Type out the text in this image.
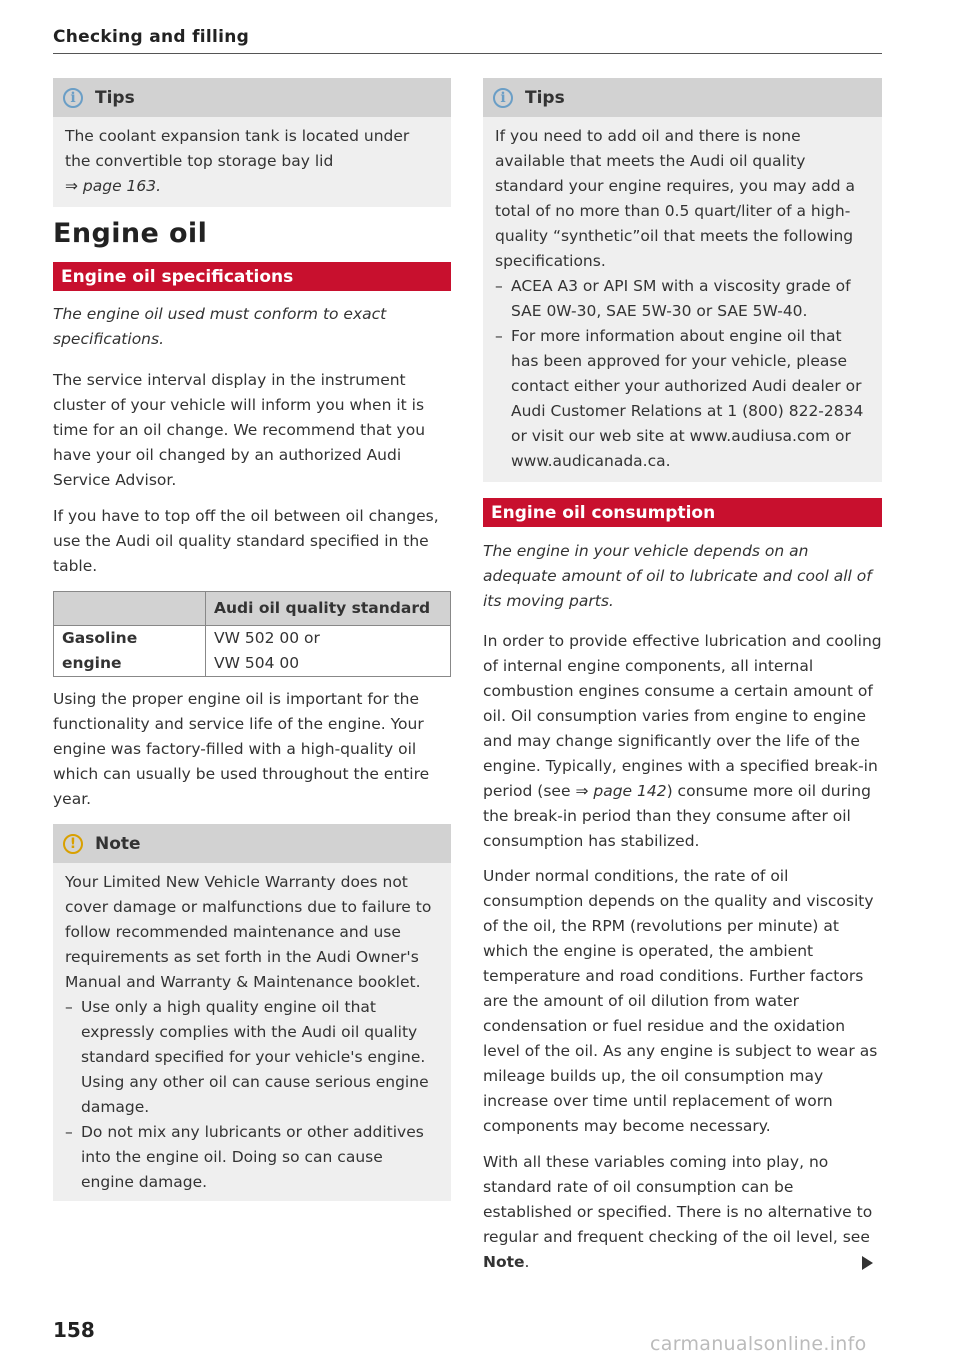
Checking and filling
i	Tips
The coolant expansion tank is located under the convertible top storage bay lid
⇒ page 163.
Engine oil
Engine oil specifications
The engine oil used must conform to exact specifications.
The service interval display in the instrument cluster of your vehicle will inform you when it is time for an oil change. We recommend that you have your oil changed by an authorized Audi Service Advisor.
If you have to top off the oil between oil changes, use the Audi oil quality standard specified in the table.
	Audi oil quality standard
Gasoline engine	VW 502 00 or
VW 504 00
Using the proper engine oil is important for the functionality and service life of the engine. Your engine was factory-filled with a high-quality oil which can usually be used throughout the entire year.
!	Note
Your Limited New Vehicle Warranty does not cover damage or malfunctions due to failure to follow recommended maintenance and use requirements as set forth in the Audi Owner's Manual and Warranty & Maintenance booklet.
– Use only a high quality engine oil that expressly complies with the Audi oil quality standard specified for your vehicle's engine. Using any other oil can cause serious engine damage.
– Do not mix any lubricants or other additives into the engine oil. Doing so can cause engine damage.
i	Tips
If you need to add oil and there is none available that meets the Audi oil quality standard your engine requires, you may add a total of no more than 0.5 quart/liter of a high-quality “synthetic”oil that meets the following specifications.
– ACEA A3 or API SM with a viscosity grade of SAE 0W-30, SAE 5W-30 or SAE 5W-40.
– For more information about engine oil that has been approved for your vehicle, please contact either your authorized Audi dealer or Audi Customer Relations at 1 (800) 822-2834 or visit our web site at www.audiusa.com or www.audicanada.ca.
Engine oil consumption
The engine in your vehicle depends on an adequate amount of oil to lubricate and cool all of its moving parts.
In order to provide effective lubrication and cooling of internal engine components, all internal combustion engines consume a certain amount of oil. Oil consumption varies from engine to engine and may change significantly over the life of the engine. Typically, engines with a specified break-in period (see ⇒ page 142) consume more oil during the break-in period than they consume after oil consumption has stabilized.
Under normal conditions, the rate of oil consumption depends on the quality and viscosity of the oil, the RPM (revolutions per minute) at which the engine is operated, the ambient temperature and road conditions. Further factors are the amount of oil dilution from water condensation or fuel residue and the oxidation level of the oil. As any engine is subject to wear as mileage builds up, the oil consumption may increase over time until replacement of worn components may become necessary.
With all these variables coming into play, no standard rate of oil consumption can be established or specified. There is no alternative to regular and frequent checking of the oil level, see
Note.
158
carmanualsonline.info
